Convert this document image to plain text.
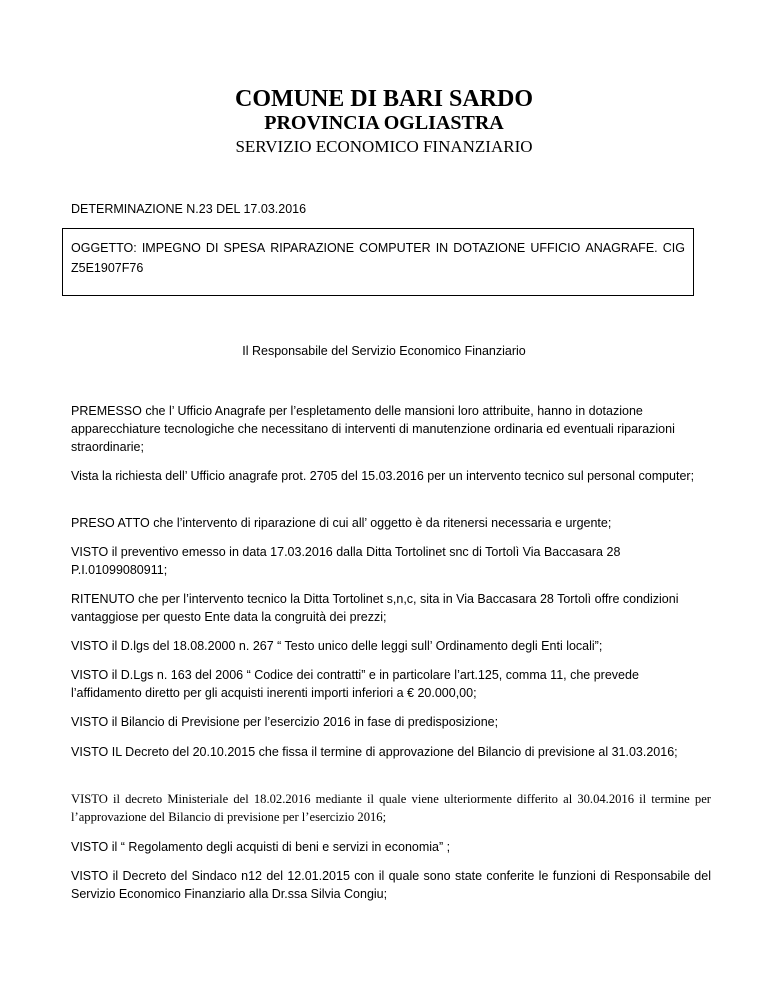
COMUNE DI BARI SARDO
PROVINCIA OGLIASTRA
SERVIZIO ECONOMICO FINANZIARIO
DETERMINAZIONE N.23 DEL 17.03.2016
OGGETTO: IMPEGNO DI SPESA RIPARAZIONE COMPUTER IN DOTAZIONE UFFICIO ANAGRAFE. CIG
Z5E1907F76
Il Responsabile del Servizio Economico Finanziario

PREMESSO che l’ Ufficio Anagrafe per l’espletamento delle mansioni loro attribuite, hanno in dotazione apparecchiature tecnologiche che necessitano di interventi di manutenzione ordinaria ed eventuali riparazioni straordinarie;

Vista la richiesta dell’ Ufficio anagrafe prot. 2705 del 15.03.2016 per un intervento tecnico sul personal computer;

PRESO ATTO che l’intervento di riparazione di cui all’ oggetto è da ritenersi necessaria e urgente;

VISTO il preventivo emesso in data 17.03.2016 dalla Ditta Tortolinet snc di Tortolì Via Baccasara 28 P.I.01099080911;

RITENUTO che per l’intervento tecnico la Ditta Tortolinet s,n,c, sita in Via Baccasara 28 Tortolì offre condizioni vantaggiose per questo Ente data la congruità dei prezzi;

VISTO il D.lgs del 18.08.2000 n. 267 “ Testo unico delle leggi sull’ Ordinamento degli Enti locali”;

VISTO il D.Lgs n. 163 del 2006 “ Codice dei contratti” e in particolare l’art.125, comma 11, che prevede l’affidamento diretto per gli acquisti inerenti importi inferiori a € 20.000,00;

VISTO il Bilancio di Previsione per l’esercizio 2016 in fase di predisposizione;

VISTO IL Decreto del 20.10.2015 che fissa il termine di approvazione del Bilancio di previsione al 31.03.2016;

VISTO il decreto Ministeriale del 18.02.2016 mediante il quale viene ulteriormente differito al 30.04.2016 il termine per l’approvazione del Bilancio di previsione per l’esercizio 2016;

VISTO il “ Regolamento degli acquisti di beni e servizi in economia” ;

VISTO il Decreto del Sindaco n12 del 12.01.2015 con il quale sono state conferite le funzioni di Responsabile del Servizio Economico Finanziario alla Dr.ssa Silvia Congiu;
